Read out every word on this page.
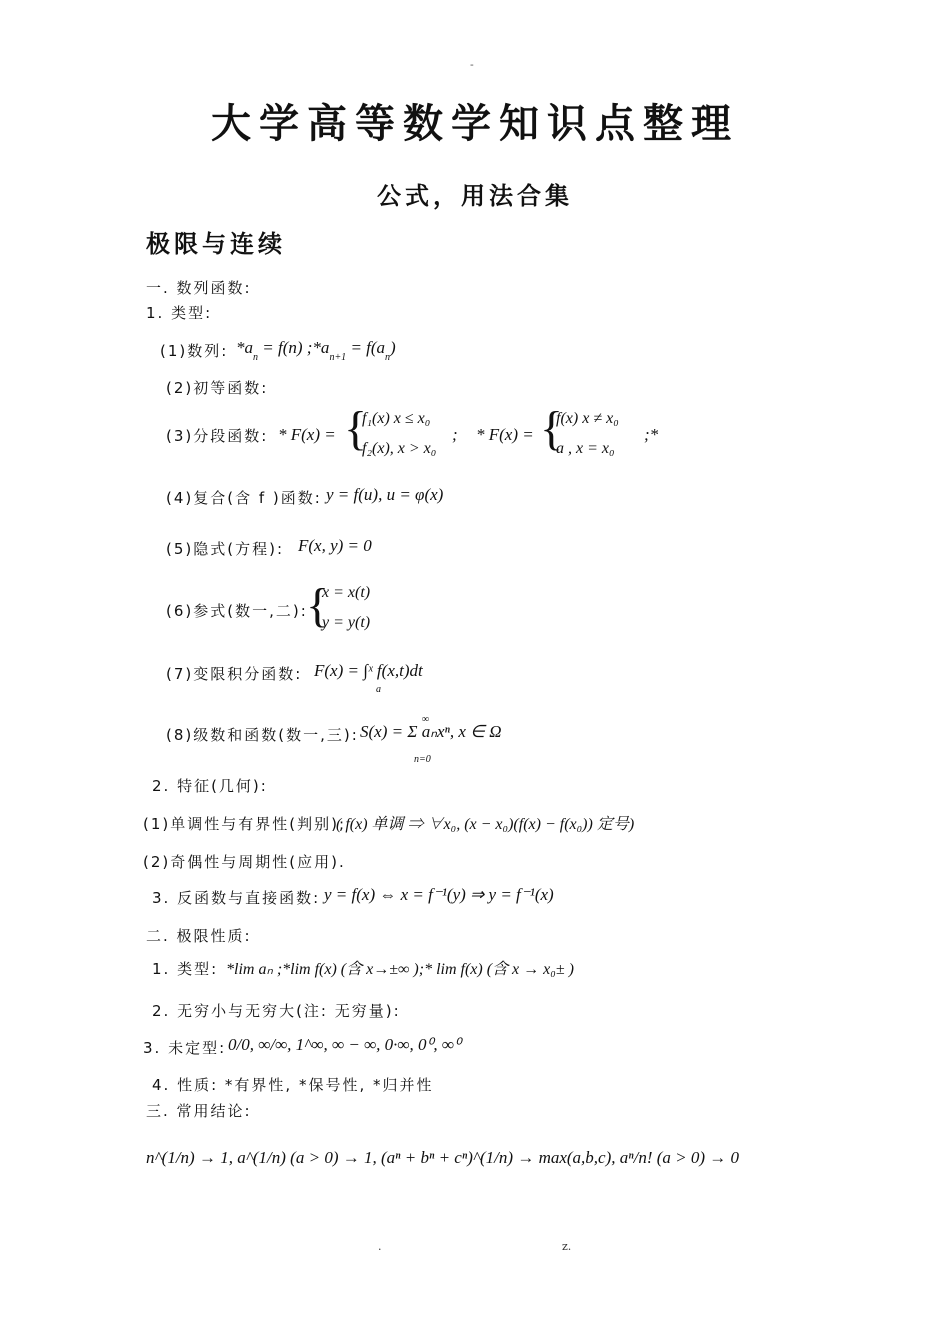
-
大学高等数学知识点整理
公式，用法合集
极限与连续
一. 数列函数:
1. 类型:
(1)数列: $*a_n = f(n)$ $;*a_{n+1} = f(a_n)$
(2)初等函数:
(3)分段函数: * F(x) = {
f₁(x) x ≤ x₀
f₂(x), x > x₀
; * F(x) = {
f(x) x ≠ x₀
a , x = x₀
;*
(4)复合(含 f )函数: y = f(u), u = φ(x)
(5)隐式(方程): F(x, y) = 0
(6)参式(数一,二):
{
x = x(t)
y = y(t)
(7)变限积分函数: F(x) = ∫ˣ f(x,t)dt
a
(8)级数和函数(数一,三): S(x) = Σ aₙxⁿ, x ∈ Ω
∞
n=0
2. 特征(几何):
(1)单调性与有界性(判别);
( f(x) 单调 ⇒ ∀x₀, (x − x₀)(f(x) − f(x₀)) 定号)
(2)奇偶性与周期性(应用).
3. 反函数与直接函数: y = f(x) ⇔ x = f⁻¹(y) ⇒ y = f⁻¹(x)
二. 极限性质:
1. 类型: *lim aₙ ;*lim f(x) (含 x→±∞ );* lim f(x) (含 x → x₀± )
2. 无穷小与无穷大(注: 无穷量):
3. 未定型: 0/0, ∞/∞, 1^∞, ∞ − ∞, 0·∞, 0⁰, ∞⁰
4. 性质: *有界性, *保号性, *归并性
三. 常用结论:
n^(1/n) → 1, a^(1/n) (a > 0) → 1, (aⁿ + bⁿ + cⁿ)^(1/n) → max(a,b,c), aⁿ/n! (a > 0) → 0
.	z.
